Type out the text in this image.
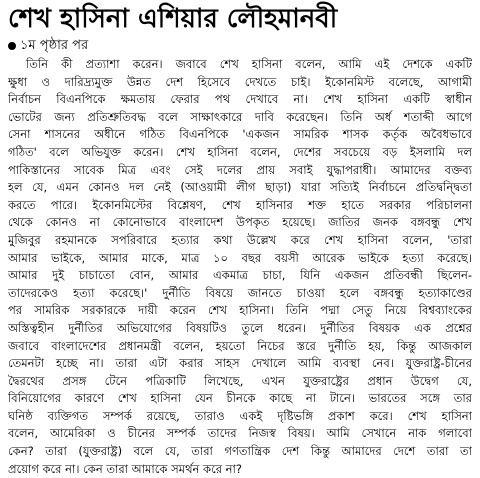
শেখ হাসিনা এশিয়ার লৌহমানবী
১ম পৃষ্ঠার পর
তিনি কী প্রত্যাশা করেন। জবাবে শেখ হাসিনা বলেন, আমি এই দেশকে একটি
ক্ষুধা ও দারিদ্র্যমুক্ত উন্নত দেশ হিসেবে দেখতে চাই। ইকোনমিস্ট বলেছে, আগামী
নির্বাচন বিএনপিকে ক্ষমতায় ফেরার পথ দেখাবে না। শেখ হাসিনা একটি স্বাধীন
ভোটের জন্য প্রতিশ্রুতিবদ্ধ বলে সাক্ষাৎকারে দাবি করেছেন। তিনি অর্ধ শতাব্দী আগে
সেনা শাসনের অধীনে গঠিত বিএনপিকে 'একজন সামরিক শাসক কর্তৃক অবৈধভাবে
গঠিত' বলে অভিযুক্ত করেন। শেখ হাসিনা বলেন, দেশের সবচেয়ে বড় ইসলামি দল
পাকিস্তানের সাবেক মিত্র এবং সেই দলের প্রায় সবাই যুদ্ধাপরাধী। আমাদের বক্তব্য
হল যে, এমন কোনও দল নেই (আওয়ামী লীগ ছাড়া) যারা সত্যিই নির্বাচনে প্রতিদ্বন্দ্বিতা
করতে পারে। ইকোনমিস্টের বিশ্লেষণ, শেখ হাসিনার শক্ত হাতে সরকার পরিচালনা
থেকে কোনও না কোনোভাবে বাংলাদেশ উপকৃত হয়েছে। জাতির জনক বঙ্গবন্ধু শেখ
মুজিবুর রহমানকে সপরিবারে হত্যার কথা উল্লেখ করে শেখ হাসিনা বলেন, 'তারা
আমার ভাইকে, আমার মাকে, মাত্র ১০ বছর বয়সী আরেক ভাইকে হত্যা করেছে।
আমার দুই চাচাতো বোন, আমার একমাত্র চাচা, যিনি একজন প্রতিবন্ধী ছিলেন-
তাদেরকেও হত্যা করেছে।' দুর্নীতি বিষয়ে জানতে চাওয়া হলে বঙ্গবন্ধু হত্যাকাণ্ডের
পর সামরিক সরকারকে দায়ী করেন শেখ হাসিনা। তিনি পদ্মা সেতু নিয়ে বিশ্বব্যাংকের
অস্তিত্বহীন দুর্নীতির অভিযোগের বিষয়টিও তুলে ধরেন। দুর্নীতির বিষয়ক এক প্রশ্নের
জবাবে বাংলাদেশের প্রধানমন্ত্রী বলেন, হয়তো নিচের স্তরে দুর্নীতি হয়, কিন্তু আজকাল
তেমনটা হচ্ছে না। তারা এটা করার সাহস দেখালে আমি ব্যবস্থা নেব। যুক্তরাষ্ট্র-চীনের
দ্বৈরথের প্রসঙ্গ টেনে পত্রিকাটি লিখেছে, এখন যুক্তরাষ্ট্রের প্রধান উদ্বেগ যে,
বিনিয়োগের কারণে শেখ হাসিনা যেন চীনকে কাছে না টানে। ভারতের সঙ্গে তার
ঘনিষ্ঠ ব্যক্তিগত সম্পর্ক রয়েছে, তারাও একই দৃষ্টিভঙ্গি প্রকাশ করে। শেখ হাসিনা
বলেন, আমেরিকা ও চীনের সম্পর্ক তাদের নিজস্ব বিষয়। আমি সেখানে নাক গলাবো
কেন? তারা (যুক্তরাষ্ট্র) বলে যে, তারা গণতান্ত্রিক দেশ কিন্তু আমাদের দেশে তারা তা
প্রয়োগ করে না। কেন তারা আমাকে সমর্থন করে না?
